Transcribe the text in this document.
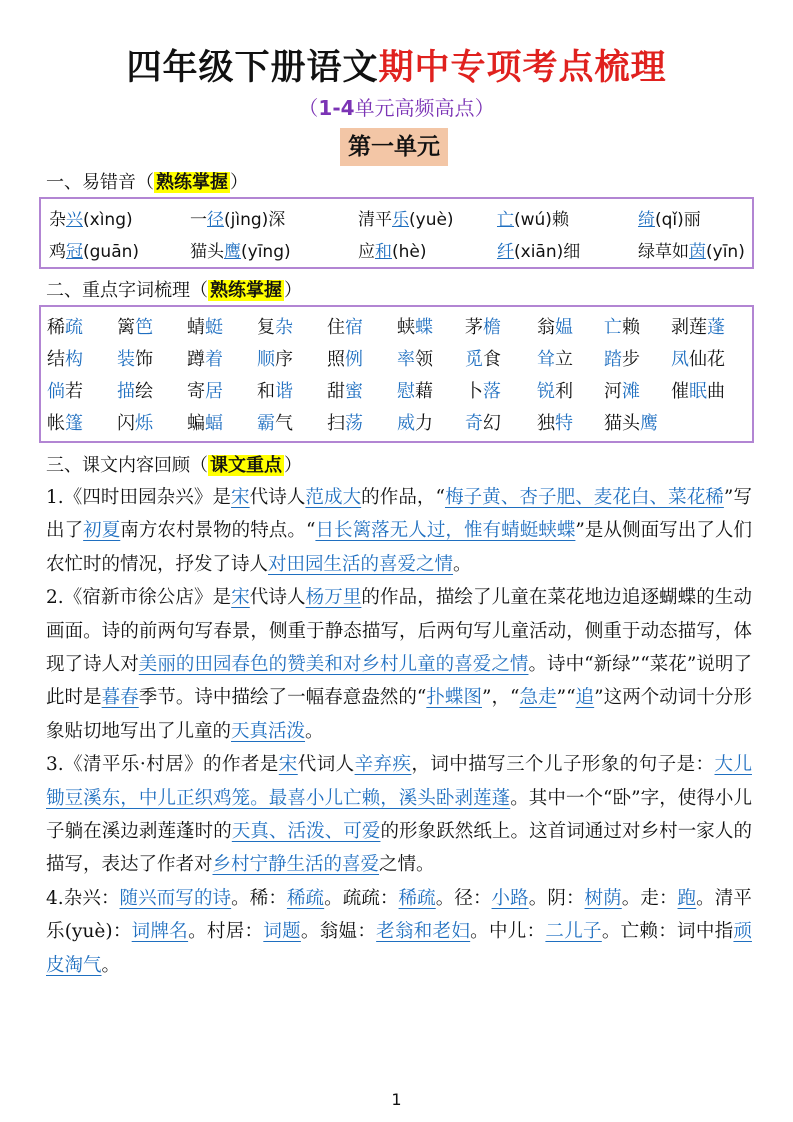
四年级下册语文期中专项考点梳理
（1-4单元高频高点）
第一单元
一、易错音（ 熟练掌握 ）
杂兴(xìng)	一径(jìng)深	清平乐(yuè)	亡(wú)赖	绮(qǐ)丽
鸡冠(guān)	猫头鹰(yīng)	应和(hè)	纤(xiān)细	绿草如茵(yīn)
二、重点字词梳理（ 熟练掌握 ）
稀疏 篱笆 蜻蜓 复杂 住宿 蛱蝶 茅檐 翁媪 亡赖 剥莲蓬
结构 装饰 蹲着 顺序 照例 率领 觅食 耸立 踏步 凤仙花
倘若 描绘 寄居 和谐 甜蜜 慰藉 卜落 锐利 河滩 催眠曲
帐篷 闪烁 蝙蝠 霸气 扫荡 威力 奇幻 独特 猫头鹰
三、课文内容回顾（ 课文重点 ）

1.《四时田园杂兴》是宋代诗人范成大的作品，“梅子黄、杏子肥、麦花白、菜花稀”写出了初夏南方农村景物的特点。“日长篱落无人过，惟有蜻蜓蛱蝶”是从侧面写出了人们农忙时的情况，抒发了诗人对田园生活的喜爱之情。

2.《宿新市徐公店》是宋代诗人杨万里的作品，描绘了儿童在菜花地边追逐蝴蝶的生动画面。诗的前两句写春景，侧重于静态描写，后两句写儿童活动，侧重于动态描写，体现了诗人对美丽的田园春色的赞美和对乡村儿童的喜爱之情。诗中“新绿”“菜花”说明了此时是暮春季节。诗中描绘了一幅春意盎然的“扑蝶图”，“急走”“追”这两个动词十分形象贴切地写出了儿童的天真活泼。

3.《清平乐·村居》的作者是宋代词人辛弃疾，词中描写三个儿子形象的句子是：大儿锄豆溪东，中儿正织鸡笼。最喜小儿亡赖，溪头卧剥莲蓬。其中一个“卧”字，使得小儿子躺在溪边剥莲蓬时的天真、活泼、可爱的形象跃然纸上。这首词通过对乡村一家人的描写，表达了作者对乡村宁静生活的喜爱之情。

4.杂兴：随兴而写的诗。稀：稀疏。疏疏：稀疏。径：小路。阴：树荫。走：跑。清平乐(yuè)：词牌名。村居：词题。翁媪：老翁和老妇。中儿：二儿子。亡赖：词中指顽皮淘气。

1
